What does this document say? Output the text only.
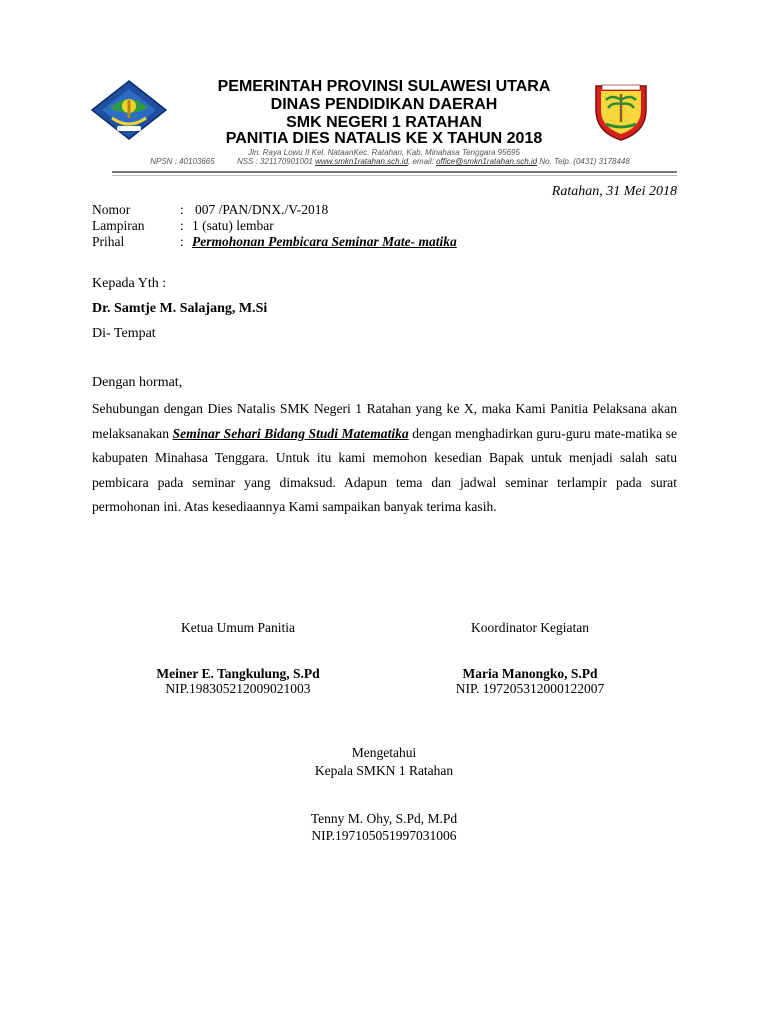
PEMERINTAH PROVINSI SULAWESI UTARA
DINAS PENDIDIKAN DAERAH
SMK NEGERI 1 RATAHAN
PANITIA DIES NATALIS KE X TAHUN 2018
Jln. Raya Lowu II Kel. NataanKec. Ratahan, Kab. Minahasa Tenggara 95695
NPSN : 40103665	NSS : 321170901001 www.smkn1ratahan.sch.id, email: office@smkn1ratahan.sch.id No. Telp. (0431) 3178448
Ratahan, 31 Mei 2018
Nomor	: 007 /PAN/DNX./V-2018
Lampiran	: 1 (satu) lembar
Prihal	: Permohonan Pembicara Seminar Mate- matika
Kepada Yth :
Dr. Samtje M. Salajang, M.Si
Di- Tempat
Dengan hormat,
Sehubungan dengan Dies Natalis SMK Negeri 1 Ratahan yang ke X, maka Kami Panitia Pelaksana akan melaksanakan Seminar Sehari Bidang Studi Matematika dengan menghadirkan guru-guru mate-matika se kabupaten Minahasa Tenggara. Untuk itu kami memohon kesedian Bapak untuk menjadi salah satu pembicara pada seminar yang dimaksud. Adapun tema dan jadwal seminar terlampir pada surat permohonan ini. Atas kesediaannya Kami sampaikan banyak terima kasih.
Ketua Umum Panitia
Meiner E. Tangkulung, S.Pd
NIP.198305212009021003
Koordinator Kegiatan
Maria Manongko, S.Pd
NIP. 197205312000122007
Mengetahui
Kepala SMKN 1 Ratahan
Tenny M. Ohy, S.Pd, M.Pd
NIP.197105051997031006
